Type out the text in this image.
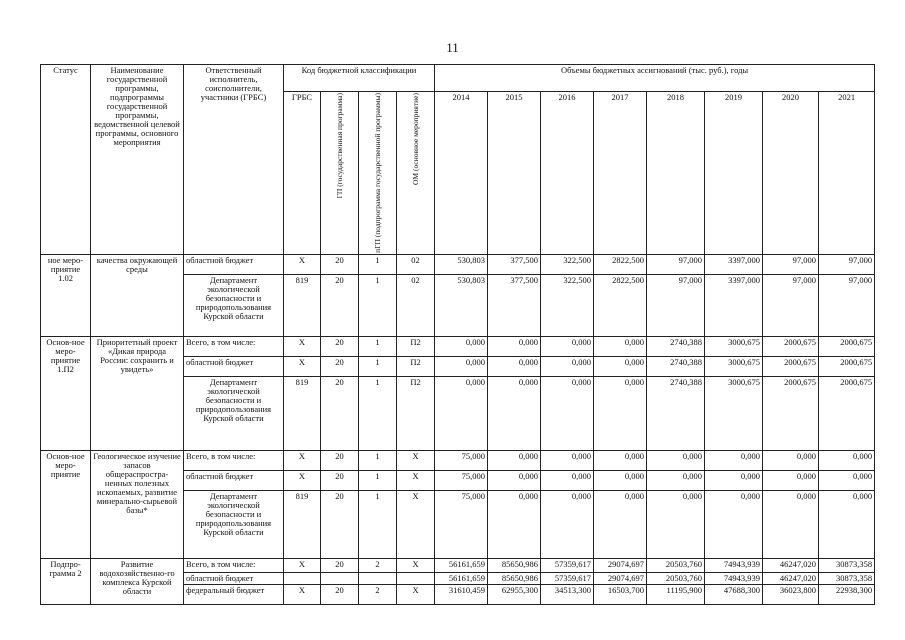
11
Статус	Наименование государственной программы, подпрограммы государственной программы, ведомственной целевой программы, основного мероприятия	Ответственный исполнитель, соисполнители, участники (ГРБС)	Код бюджетной классификации				Объемы бюджетных ассигнований (тыс. руб.), годы							
			ГРБС	ГП (государственная программа)	пГП (подпрограмма государственной программы)	ОМ (основное мероприятие)	2014	2015	2016	2017	2018	2019	2020	2021
ное меро-приятие 1.02	качества окружающей среды	областной бюджет	Х	20	1	02	530,803	377,500	322,500	2822,500	97,000	3397,000	97,000	97,000
		Департамент экологической безопасности и природопользования Курской области	819	20	1	02	530,803	377,500	322,500	2822,500	97,000	3397,000	97,000	97,000
Основ-ное меро-приятие 1.П2	Приоритетный проект «Дикая природа России: сохранить и увидеть»	Всего, в том числе:	Х	20	1	П2	0,000	0,000	0,000	0,000	2740,388	3000,675	2000,675	2000,675
		областной бюджет	Х	20	1	П2	0,000	0,000	0,000	0,000	2740,388	3000,675	2000,675	2000,675
		Департамент экологической безопасности и природопользования Курской области	819	20	1	П2	0,000	0,000	0,000	0,000	2740,388	3000,675	2000,675	2000,675
Основ-ное меро-приятие	Геологическое изучение запасов общераспростра-ненных полезных ископаемых, развитие минерально-сырьевой базы*	Всего, в том числе:	Х	20	1	Х	75,000	0,000	0,000	0,000	0,000	0,000	0,000	0,000
		областной бюджет	Х	20	1	Х	75,000	0,000	0,000	0,000	0,000	0,000	0,000	0,000
		Департамент экологической безопасности и природопользования Курской области	819	20	1	Х	75,000	0,000	0,000	0,000	0,000	0,000	0,000	0,000
Подпро-грамма 2	Развитие водохозяйственно-го комплекса Курской области	Всего, в том числе:	Х	20	2	Х	56161,659	85650,986	57359,617	29074,697	20503,760	74943,939	46247,020	30873,358
		областной бюджет					56161,659	85650,986	57359,617	29074,697	20503,760	74943,939	46247,020	30873,358
		федеральный бюджет	Х	20	2	Х	31610,459	62955,300	34513,300	16503,700	11195,900	47688,300	36023,800	22938,300
